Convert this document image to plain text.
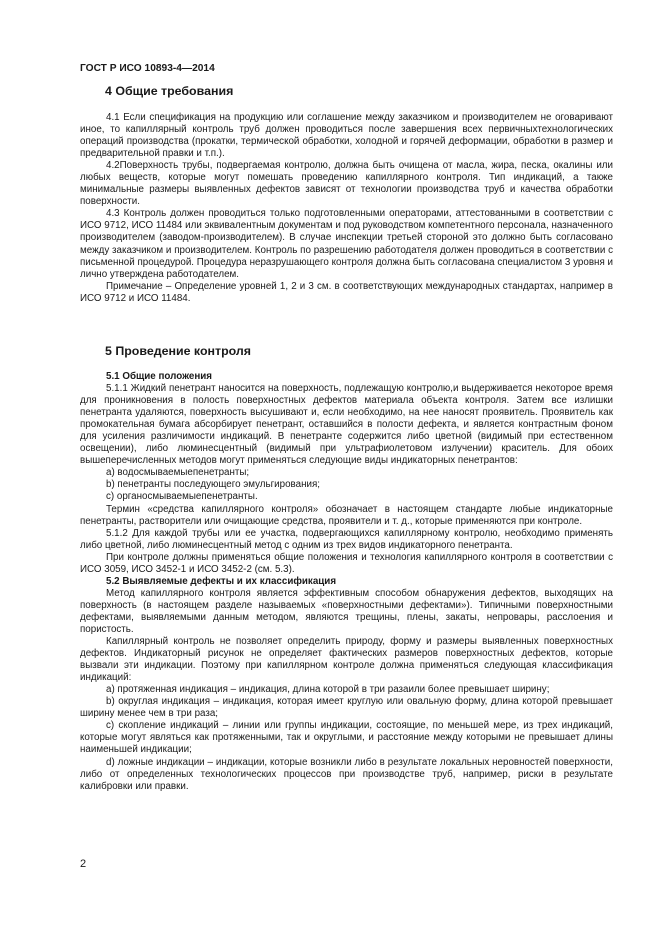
ГОСТ Р ИСО 10893-4—2014
4 Общие требования

4.1 Если спецификация на продукцию или соглашение между заказчиком и производителем не оговаривают иное, то капиллярный контроль труб должен проводиться после завершения всех первичныхтехнологических операций производства (прокатки, термической обработки, холодной и горячей деформации, обработки в размер и предварительной правки и т.п.).

4.2Поверхность трубы, подвергаемая контролю, должна быть очищена от масла, жира, песка, окалины или любых веществ, которые могут помешать проведению капиллярного контроля. Тип индикаций, а также минимальные размеры выявленных дефектов зависят от технологии производства труб и качества обработки поверхности.

4.3 Контроль должен проводиться только подготовленными операторами, аттестованными в соответствии с ИСО 9712, ИСО 11484 или эквивалентным документам и под руководством компетентного персонала, назначенного производителем (заводом-производителем). В случае инспекции третьей стороной это должно быть согласовано между заказчиком и производителем. Контроль по разрешению работодателя должен проводиться в соответствии с письменной процедурой. Процедура неразрушающего контроля должна быть согласована специалистом 3 уровня и лично утверждена работодателем.

Примечание – Определение уровней 1, 2 и 3 см. в соответствующих международных стандартах, например в ИСО 9712 и ИСО 11484.

5 Проведение контроля

5.1 Общие положения

5.1.1 Жидкий пенетрант наносится на поверхность, подлежащую контролю,и выдерживается некоторое время для проникновения в полость поверхностных дефектов материала объекта контроля. Затем все излишки пенетранта удаляются, поверхность высушивают и, если необходимо, на нее наносят проявитель. Проявитель как промокательная бумага абсорбирует пенетрант, оставшийся в полости дефекта, и является контрастным фоном для усиления различимости индикаций. В пенетранте содержится либо цветной (видимый при естественном освещении), либо люминесцентный (видимый при ультрафиолетовом излучении) краситель. Для обоих вышеперечисленных методов могут применяться следующие виды индикаторных пенетрантов:

a) водосмываемыепенетранты;

b) пенетранты последующего эмульгирования;

c) органосмываемыепенетранты.

Термин «средства капиллярного контроля» обозначает в настоящем стандарте любые индикаторные пенетранты, растворители или очищающие средства, проявители и т. д., которые применяются при контроле.

5.1.2 Для каждой трубы или ее участка, подвергающихся капиллярному контролю, необходимо применять либо цветной, либо люминесцентный метод с одним из трех видов индикаторного пенетранта.

При контроле должны применяться общие положения и технология капиллярного контроля в соответствии с ИСО 3059, ИСО 3452-1 и ИСО 3452-2 (см. 5.3).

5.2 Выявляемые дефекты и их классификация

Метод капиллярного контроля является эффективным способом обнаружения дефектов, выходящих на поверхность (в настоящем разделе называемых «поверхностными дефектами»). Типичными поверхностными дефектами, выявляемыми данным методом, являются трещины, плены, закаты, непровары, расслоения и пористость.

Капиллярный контроль не позволяет определить природу, форму и размеры выявленных поверхностных дефектов. Индикаторный рисунок не определяет фактических размеров поверхностных дефектов, которые вызвали эти индикации. Поэтому при капиллярном контроле должна применяться следующая классификация индикаций:

a) протяженная индикация – индикация, длина которой в три разаили более превышает ширину;

b) округлая индикация – индикация, которая имеет круглую или овальную форму, длина которой превышает ширину менее чем в три раза;

c) скопление индикаций – линии или группы индикации, состоящие, по меньшей мере, из трех индикаций, которые могут являться как протяженными, так и округлыми, и расстояние между которыми не превышает длины наименьшей индикации;

d) ложные индикации – индикации, которые возникли либо в результате локальных неровностей поверхности, либо от определенных технологических процессов при производстве труб, например, риски в результате калибровки или правки.

2
